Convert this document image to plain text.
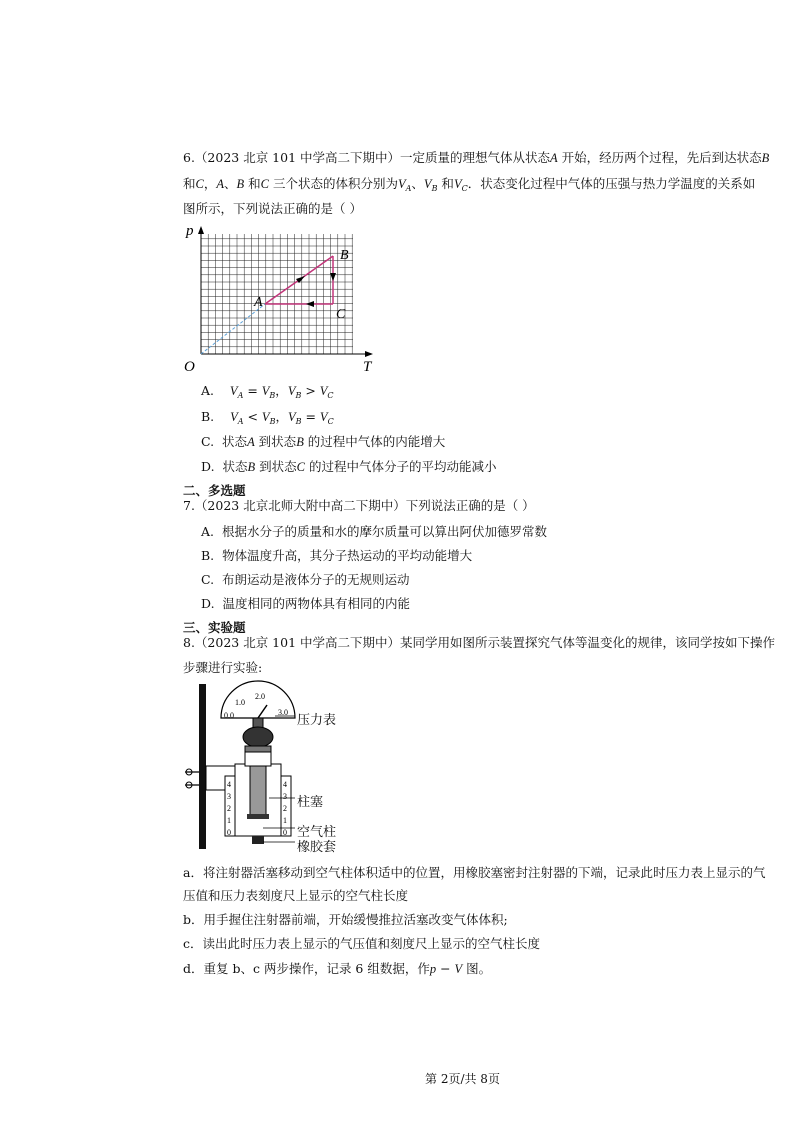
6.（2023 北京 101 中学高二下期中）一定质量的理想气体从状态A 开始，经历两个过程，先后到达状态B
和C，A、B 和C 三个状态的体积分别为$V_A$、$V_B$ 和$V_C$．状态变化过程中气体的压强与热力学温度的关系如
图所示，下列说法正确的是（ ）
p
T
O
A
B
C
A. $V_A = V_B$，$V_B > V_C$
B. $V_A < V_B$，$V_B = V_C$
C. 状态A 到状态B 的过程中气体的内能增大
D. 状态B 到状态C 的过程中气体分子的平均动能减小
二、多选题
7.（2023 北京北师大附中高二下期中）下列说法正确的是（ ）
A. 根据水分子的质量和水的摩尔质量可以算出阿伏加德罗常数
B. 物体温度升高，其分子热运动的平均动能增大
C. 布朗运动是液体分子的无规则运动
D. 温度相同的两物体具有相同的内能
三、实验题
8.（2023 北京 101 中学高二下期中）某同学用如图所示装置探究气体等温变化的规律，该同学按如下操作
步骤进行实验:
0.0
1.0
2.0
3.0
4
3
2
1
0
4
3
2
1
0
压力表
柱塞
空气柱
橡胶套
a．将注射器活塞移动到空气柱体积适中的位置，用橡胶塞密封注射器的下端，记录此时压力表上显示的气
压值和压力表刻度尺上显示的空气柱长度
b．用手握住注射器前端，开始缓慢推拉活塞改变气体体积;
c．读出此时压力表上显示的气压值和刻度尺上显示的空气柱长度
d．重复 b、c 两步操作，记录 6 组数据，作p − V 图。
第 2页/共 8页
